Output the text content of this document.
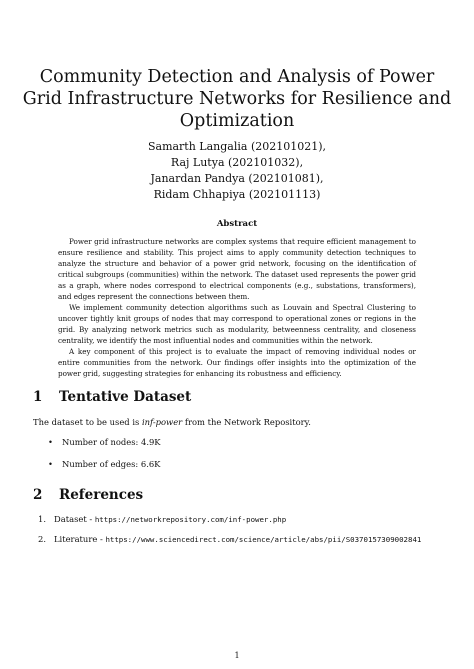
Community Detection and Analysis of Power
Grid Infrastructure Networks for Resilience and
Optimization
Samarth Langalia (202101021),
Raj Lutya (202101032),
Janardan Pandya (202101081),
Ridam Chhapiya (202101113)
Abstract

Power grid infrastructure networks are complex systems that require efficient management to ensure resilience and stability. This project aims to apply community detection techniques to analyze the structure and behavior of a power grid network, focusing on the identification of critical subgroups (communities) within the network. The dataset used represents the power grid as a graph, where nodes correspond to electrical components (e.g., substations, transformers), and edges represent the connections between them.

We implement community detection algorithms such as Louvain and Spectral Clustering to uncover tightly knit groups of nodes that may correspond to operational zones or regions in the grid. By analyzing network metrics such as modularity, betweenness centrality, and closeness centrality, we identify the most influential nodes and communities within the network.

A key component of this project is to evaluate the impact of removing individual nodes or entire communities from the network. Our findings offer insights into the optimization of the power grid, suggesting strategies for enhancing its robustness and efficiency.

1 Tentative Dataset
The dataset to be used is inf-power from the Network Repository.
• Number of nodes: 4.9K
• Number of edges: 6.6K
2 References
1. Dataset - https://networkrepository.com/inf-power.php
2. Literature - https://www.sciencedirect.com/science/article/abs/pii/S0370157309002841
1
